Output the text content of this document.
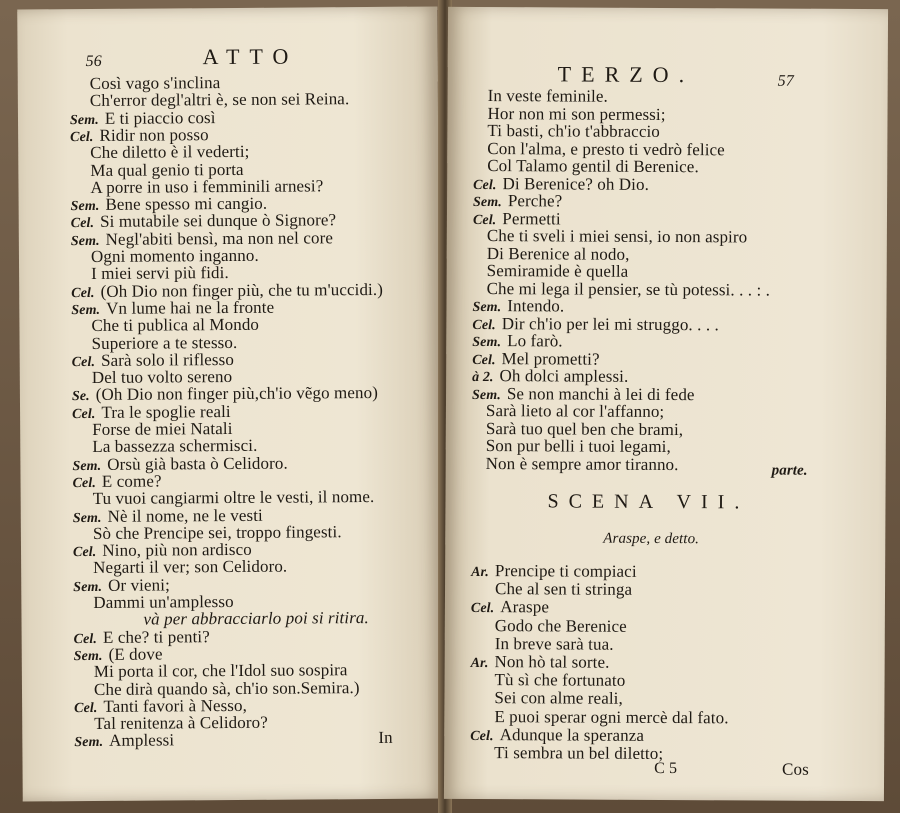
56	ATTO
Così vago s'inclina
Ch'error degl'altri è, se non sei Reina.
Sem. E ti piaccio così
Cel. Ridir non posso
Che diletto è il vederti;
Ma qual genio ti porta
A porre in uso i femminili arnesi?
Sem. Bene spesso mi cangio.
Cel. Si mutabile sei dunque ò Signore?
Sem. Negl'abiti bensì, ma non nel core
Ogni momento inganno.
I miei servi più fidi.
Cel. (Oh Dio non finger più, che tu m'uccidi.)
Sem. Vn lume hai ne la fronte
Che ti publica al Mondo
Superiore a te stesso.
Cel. Sarà solo il riflesso
Del tuo volto sereno
Se. (Oh Dio non finger più,ch'io vẽgo meno)
Cel. Tra le spoglie reali
Forse de miei Natali
La bassezza schermisci.
Sem. Orsù già basta ò Celidoro.
Cel. E come?
Tu vuoi cangiarmi oltre le vesti, il nome.
Sem. Nè il nome, ne le vesti
Sò che Prencipe sei, troppo fingesti.
Cel. Nino, più non ardisco
Negarti il ver; son Celidoro.
Sem. Or vieni;
Dammi un'amplesso
và per abbracciarlo poi si ritira.
Cel. E che? ti penti?
Sem. (E dove
Mi porta il cor, che l'Idol suo sospira
Che dirà quando sà, ch'io son.Semira.)
Cel. Tanti favori à Nesso,
Tal renitenza à Celidoro?
Sem. Amplessi	In
TERZO.	57
In veste feminile.
Hor non mi son permessi;
Ti basti, ch'io t'abbraccio
Con l'alma, e presto ti vedrò felice
Col Talamo gentil di Berenice.
Cel. Di Berenice? oh Dio.
Sem. Perche?
Cel. Permetti
Che ti sveli i miei sensi, io non aspiro
Di Berenice al nodo,
Semiramide è quella
Che mi lega il pensier, se tù potessi. . . : .
Sem. Intendo.
Cel. Dir ch'io per lei mi struggo. . . .
Sem. Lo farò.
Cel. Mel prometti?
à 2. Oh dolci amplessi.
Sem. Se non manchi à lei di fede
Sarà lieto al cor l'affanno;
Sarà tuo quel ben che brami,
Son pur belli i tuoi legami,
Non è sempre amor tiranno.	parte.
SCENA VII.
Araspe, e detto.
Ar. Prencipe ti compiaci
Che al sen ti stringa
Cel. Araspe
Godo che Berenice
In breve sarà tua.
Ar. Non hò tal sorte.
Tù sì che fortunato
Sei con alme reali,
E puoi sperar ogni mercè dal fato.
Cel. Adunque la speranza
Ti sembra un bel diletto;
C 5	Cos
